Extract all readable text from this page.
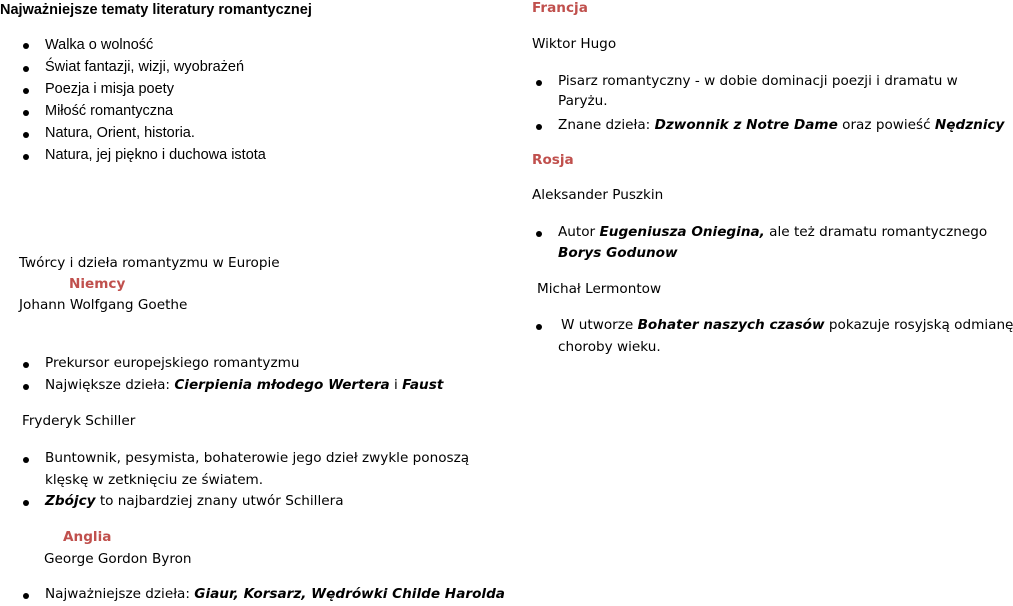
Najważniejsze tematy literatury romantycznej
Walka o wolność
Świat fantazji, wizji, wyobrażeń
Poezja i misja poety
Miłość romantyczna
Natura, Orient, historia.
Natura, jej piękno i duchowa istota
Twórcy i dzieła romantyzmu w Europie
Niemcy
Johann Wolfgang Goethe
Prekursor europejskiego romantyzmu
Największe dzieła: Cierpienia młodego Wertera i Faust
Fryderyk Schiller
Buntownik, pesymista, bohaterowie jego dzieł zwykle ponoszą
klęskę w zetknięciu ze światem.
Zbójcy to najbardziej znany utwór Schillera
Anglia
George Gordon Byron
Najważniejsze dzieła: Giaur, Korsarz, Wędrówki Childe Harolda
Francja
Wiktor Hugo
Pisarz romantyczny - w dobie dominacji poezji i dramatu w
Paryżu.
Znane dzieła: Dzwonnik z Notre Dame oraz powieść Nędznicy
Rosja
Aleksander Puszkin
Autor Eugeniusza Oniegina, ale też dramatu romantycznego
Borys Godunow
Michał Lermontow
W utworze Bohater naszych czasów pokazuje rosyjską odmianę
choroby wieku.
